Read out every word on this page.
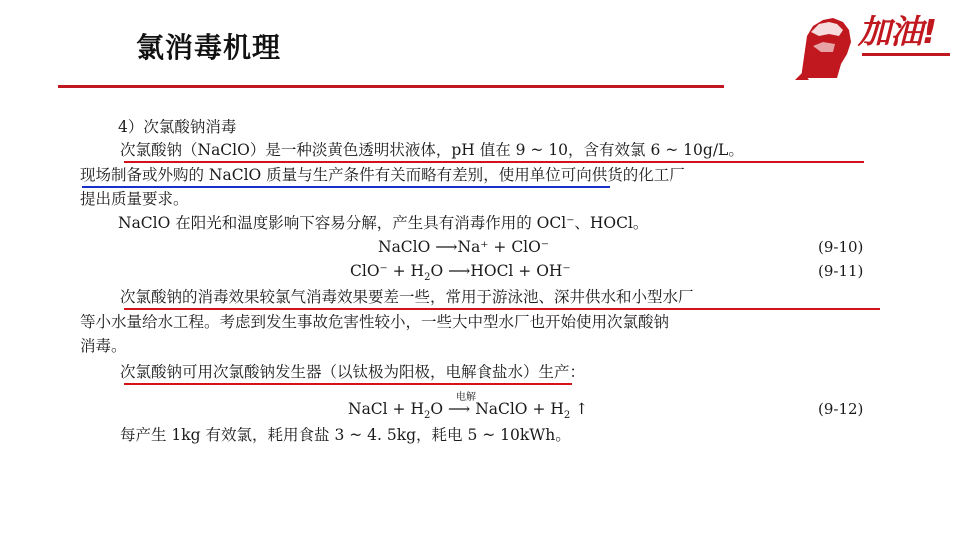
氯消毒机理	加油!
4）次氯酸钠消毒
次氯酸钠（NaClO）是一种淡黄色透明状液体，pH 值在 9 ~ 10，含有效氯 6 ~ 10g/L。
现场制备或外购的 NaClO 质量与生产条件有关而略有差别，使用单位可向供货的化工厂
提出质量要求。
NaClO 在阳光和温度影响下容易分解，产生具有消毒作用的 OCl⁻、HOCl。
NaClO ⟶Na⁺ + ClO⁻	(9-10)
$ClO^- + H_2O$ ⟶HOCl + OH⁻	(9-11)
次氯酸钠的消毒效果较氯气消毒效果要差一些，常用于游泳池、深井供水和小型水厂
等小水量给水工程。考虑到发生事故危害性较小，一些大中型水厂也开始使用次氯酸钠
消毒。
次氯酸钠可用次氯酸钠发生器（以钛极为阳极，电解食盐水）生产：
NaCl + $H_2O$
电解
⟶ NaClO + $H_2$ ↑	(9-12)
每产生 1kg 有效氯，耗用食盐 3 ~ 4. 5kg，耗电 5 ~ 10kWh。
